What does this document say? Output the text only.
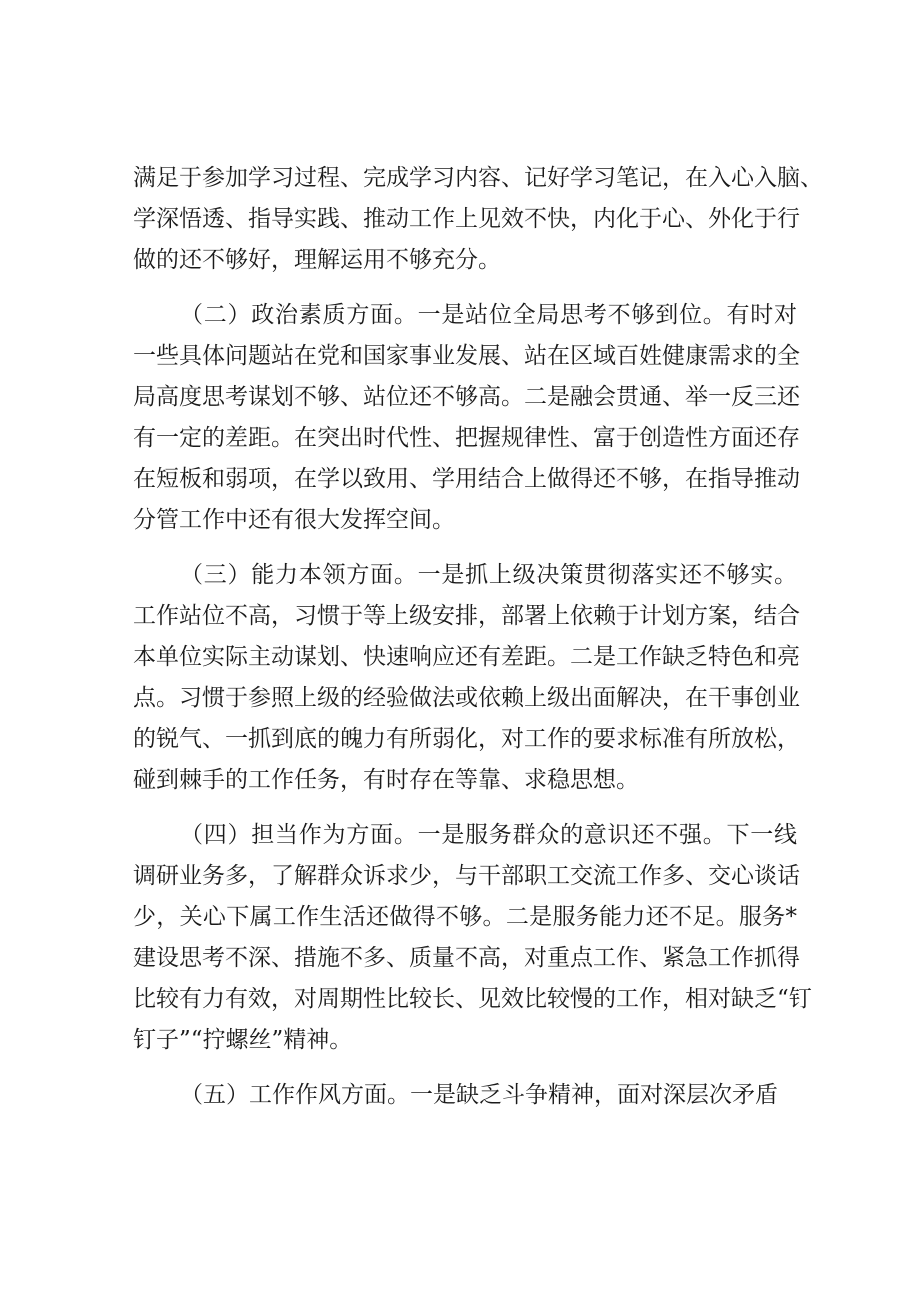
满足于参加学习过程、完成学习内容、记好学习笔记，在入心入脑、
学深悟透、指导实践、推动工作上见效不快，内化于心、外化于行
做的还不够好，理解运用不够充分。
（二）政治素质方面。一是站位全局思考不够到位。有时对
一些具体问题站在党和国家事业发展、站在区域百姓健康需求的全
局高度思考谋划不够、站位还不够高。二是融会贯通、举一反三还
有一定的差距。在突出时代性、把握规律性、富于创造性方面还存
在短板和弱项，在学以致用、学用结合上做得还不够，在指导推动
分管工作中还有很大发挥空间。
（三）能力本领方面。一是抓上级决策贯彻落实还不够实。
工作站位不高，习惯于等上级安排，部署上依赖于计划方案，结合
本单位实际主动谋划、快速响应还有差距。二是工作缺乏特色和亮
点。习惯于参照上级的经验做法或依赖上级出面解决，在干事创业
的锐气、一抓到底的魄力有所弱化，对工作的要求标准有所放松，
碰到棘手的工作任务，有时存在等靠、求稳思想。
（四）担当作为方面。一是服务群众的意识还不强。下一线
调研业务多，了解群众诉求少，与干部职工交流工作多、交心谈话
少，关心下属工作生活还做得不够。二是服务能力还不足。服务*
建设思考不深、措施不多、质量不高，对重点工作、紧急工作抓得
比较有力有效，对周期性比较长、见效比较慢的工作，相对缺乏“钉
钉子”“拧螺丝”精神。
（五）工作作风方面。一是缺乏斗争精神，面对深层次矛盾
